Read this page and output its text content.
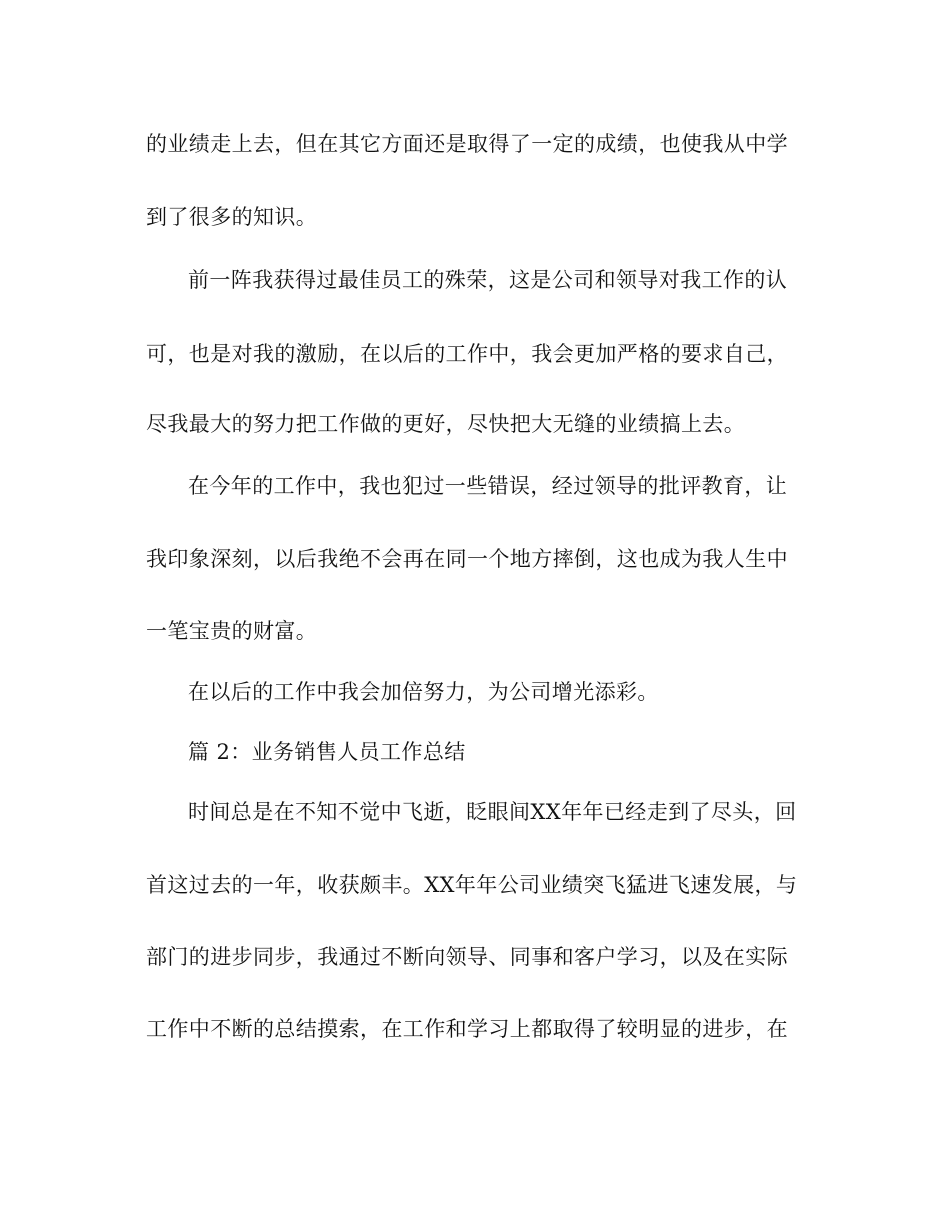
的业绩走上去，但在其它方面还是取得了一定的成绩，也使我从中学
到了很多的知识。
前一阵我获得过最佳员工的殊荣，这是公司和领导对我工作的认
可，也是对我的激励，在以后的工作中，我会更加严格的要求自己，
尽我最大的努力把工作做的更好，尽快把大无缝的业绩搞上去。
在今年的工作中，我也犯过一些错误，经过领导的批评教育，让
我印象深刻，以后我绝不会再在同一个地方摔倒，这也成为我人生中
一笔宝贵的财富。
在以后的工作中我会加倍努力，为公司增光添彩。
篇 2：业务销售人员工作总结
时间总是在不知不觉中飞逝，眨眼间XX年年已经走到了尽头，回
首这过去的一年，收获颇丰。XX年年公司业绩突飞猛进飞速发展，与
部门的进步同步，我通过不断向领导、同事和客户学习，以及在实际
工作中不断的总结摸索，在工作和学习上都取得了较明显的进步，在
